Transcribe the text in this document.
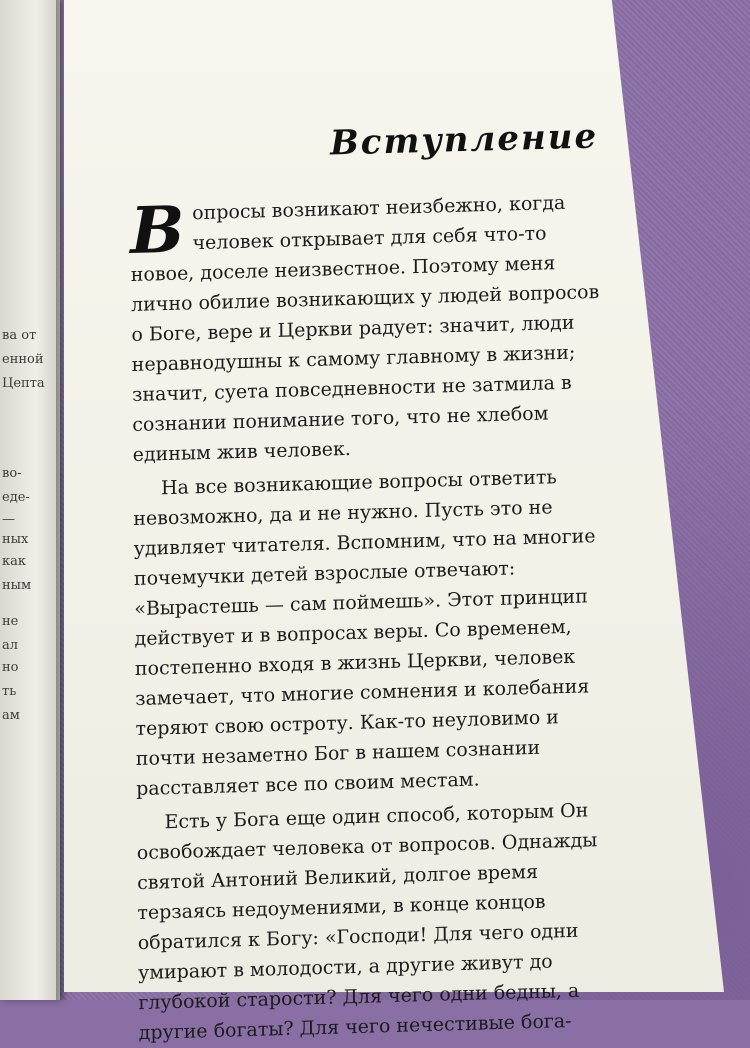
ва от
енной
Цепта
во-
еде-
—
ных
как
ным
не
ал
но
ть
ам
Вступление

Вопросы возникают неизбежно, когда человек открывает для себя что-то новое, доселе неизвестное. Поэтому меня лично обилие возникающих у людей вопросов о Боге, вере и Церкви радует: значит, люди неравнодушны к самому главному в жизни; значит, суета повседневности не затмила в сознании понимание того, что не хлебом единым жив человек.

На все возникающие вопросы ответить невозможно, да и не нужно. Пусть это не удивляет читателя. Вспомним, что на многие почемучки детей взрослые отвечают: «Вырастешь — сам поймешь». Этот принцип действует и в вопросах веры. Со временем, постепенно входя в жизнь Церкви, человек замечает, что многие сомнения и колебания теряют свою остроту. Как-то неуловимо и почти незаметно Бог в нашем сознании расставляет все по своим местам.

Есть у Бога еще один способ, которым Он освобождает человека от вопросов. Однажды святой Антоний Великий, долгое время терзаясь недоумениями, в конце концов обратился к Богу: «Господи! Для чего одни умирают в молодости, а другие живут до глубокой старости? Для чего одни бедны, а другие богаты? Для чего нечестивые бога-
